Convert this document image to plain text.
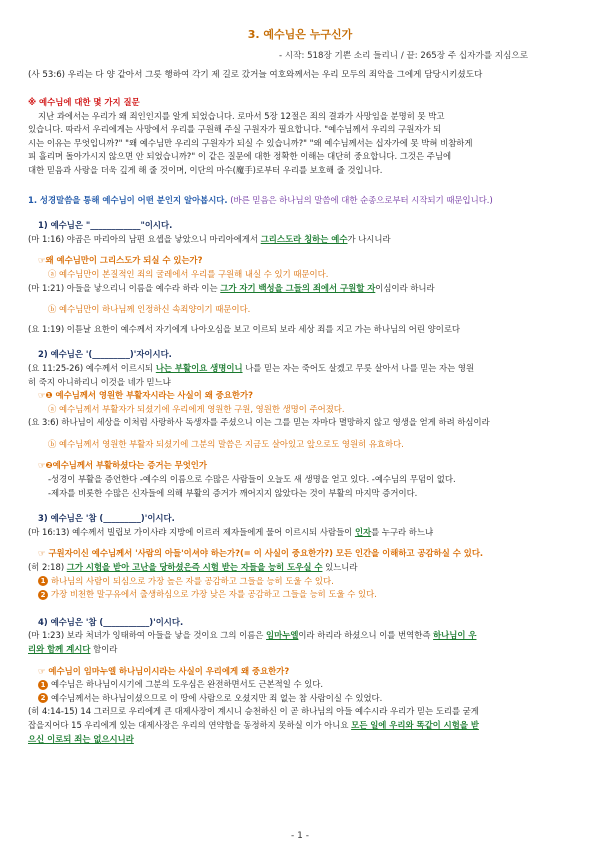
3. 예수님은 누구신가
- 시작: 518장 기쁜 소리 들리니 / 끝: 265장 주 십자가를 지심으로
(사 53:6) 우리는 다 양 같아서 그릇 행하여 각기 제 길로 갔거늘 여호와께서는 우리 모두의 죄악을 그에게 담당시키셨도다
※ 예수님에 대한 몇 가지 질문
지난 과에서는 우리가 왜 죄인인지를 알게 되었습니다. 로마서 5장 12절은 죄의 결과가 사망임을 분명히 못 박고
있습니다. 따라서 우리에게는 사망에서 우리를 구원해 주실 구원자가 필요합니다. "예수님께서 우리의 구원자가 되
시는 이유는 무엇입니까?" "왜 예수님만 우리의 구원자가 되실 수 있습니까?" "왜 예수님께서는 십자가에 못 박혀 비참하게
피 흘리며 돌아가시지 않으면 안 되었습니까?" 이 같은 질문에 대한 정확한 이해는 대단히 중요합니다. 그것은 주님에
대한 믿음과 사랑을 더욱 깊게 해 줄 것이며, 이단의 마수(魔手)로부터 우리를 보호해 줄 것입니다.
1. 성경말씀을 통해 예수님이 어떤 분인지 알아봅시다. (바른 믿음은 하나님의 말씀에 대한 순종으로부터 시작되기 때문입니다.)
1) 예수님은 "____________"이시다.
(마 1:16) 야곱은 마리아의 남편 요셉을 낳았으니 마리아에게서 그리스도라 칭하는 예수가 나시니라
☞왜 예수님만이 그리스도가 되실 수 있는가?
ⓐ 예수님만이 본질적인 죄의 굴레에서 우리를 구원해 내실 수 있기 때문이다.
(마 1:21) 아들을 낳으리니 이름을 예수라 하라 이는 그가 자기 백성을 그들의 죄에서 구원할 자이심이라 하니라
ⓑ 예수님만이 하나님께 인정하신 속죄양이기 때문이다.
(요 1:19) 이튿날 요한이 예수께서 자기에게 나아오심을 보고 이르되 보라 세상 죄를 지고 가는 하나님의 어린 양이로다
2) 예수님은 '(_________)'자이시다.
(요 11:25-26) 예수께서 이르시되 나는 부활이요 생명이니 나를 믿는 자는 죽어도 살겠고 무릇 살아서 나를 믿는 자는 영원
히 죽지 아니하리니 이것을 네가 믿느냐
☞❶ 예수님께서 영원한 부활자시라는 사실이 왜 중요한가?
ⓐ 예수님께서 부활자가 되셨기에 우리에게 영원한 구원, 영원한 생명이 주어졌다.
(요 3:6) 하나님이 세상을 이처럼 사랑하사 독생자를 주셨으니 이는 그를 믿는 자마다 멸망하지 않고 영생을 얻게 하려 하심이라
ⓑ 예수님께서 영원한 부활자 되셨기에 그분의 말씀은 지금도 살아있고 앞으로도 영원히 유효하다.
☞❷예수님께서 부활하셨다는 증거는 무엇인가
-성경이 부활을 증언한다 -예수의 이름으로 수많은 사람들이 오늘도 새 생명을 얻고 있다. -예수님의 무덤이 없다.
-제자를 비롯한 수많은 신자들에 의해 부활의 증거가 깨어지지 않았다는 것이 부활의 마지막 증거이다.
3) 예수님은 '참 (_________)'이시다.
(마 16:13) 예수께서 빌립보 가이사랴 지방에 이르러 제자들에게 물어 이르시되 사람들이 인자를 누구라 하느냐
☞ 구원자이신 예수님께서 '사람의 아들'이셔야 하는가?(= 이 사실이 중요한가?) 모든 인간을 이해하고 공감하실 수 있다.
(히 2:18) 그가 시험을 받아 고난을 당하셨은즉 시험 받는 자들을 능히 도우실 수 있느니라
1 하나님의 사람이 되심으로 가장 높은 자를 공감하고 그들을 능히 도울 수 있다.
2 가장 비천한 말구유에서 출생하심으로 가장 낮은 자를 공감하고 그들을 능히 도울 수 있다.
4) 예수님은 '참 (___________)'이시다.
(마 1:23) 보라 처녀가 잉태하여 아들을 낳을 것이요 그의 이름은 임마누엘이라 하리라 하셨으니 이를 번역한즉 하나님이 우
리와 함께 계시다 함이라
☞ 예수님이 임마누엘 하나님이시라는 사실이 우리에게 왜 중요한가?
1 예수님은 하나님이시기에 그분의 도우심은 완전하면서도 근본적일 수 있다.
2 예수님께서는 하나님이셨으므로 이 땅에 사람으로 오셨지만 죄 없는 참 사람이실 수 있었다.
(히 4:14-15) 14 그러므로 우리에게 큰 대제사장이 계시니 승천하신 이 곧 하나님의 아들 예수시라 우리가 믿는 도리를 굳게
잡을지어다 15 우리에게 있는 대제사장은 우리의 연약함을 동정하지 못하실 이가 아니요 모든 일에 우리와 똑같이 시험을 받
으신 이로되 죄는 없으시니라
- 1 -
